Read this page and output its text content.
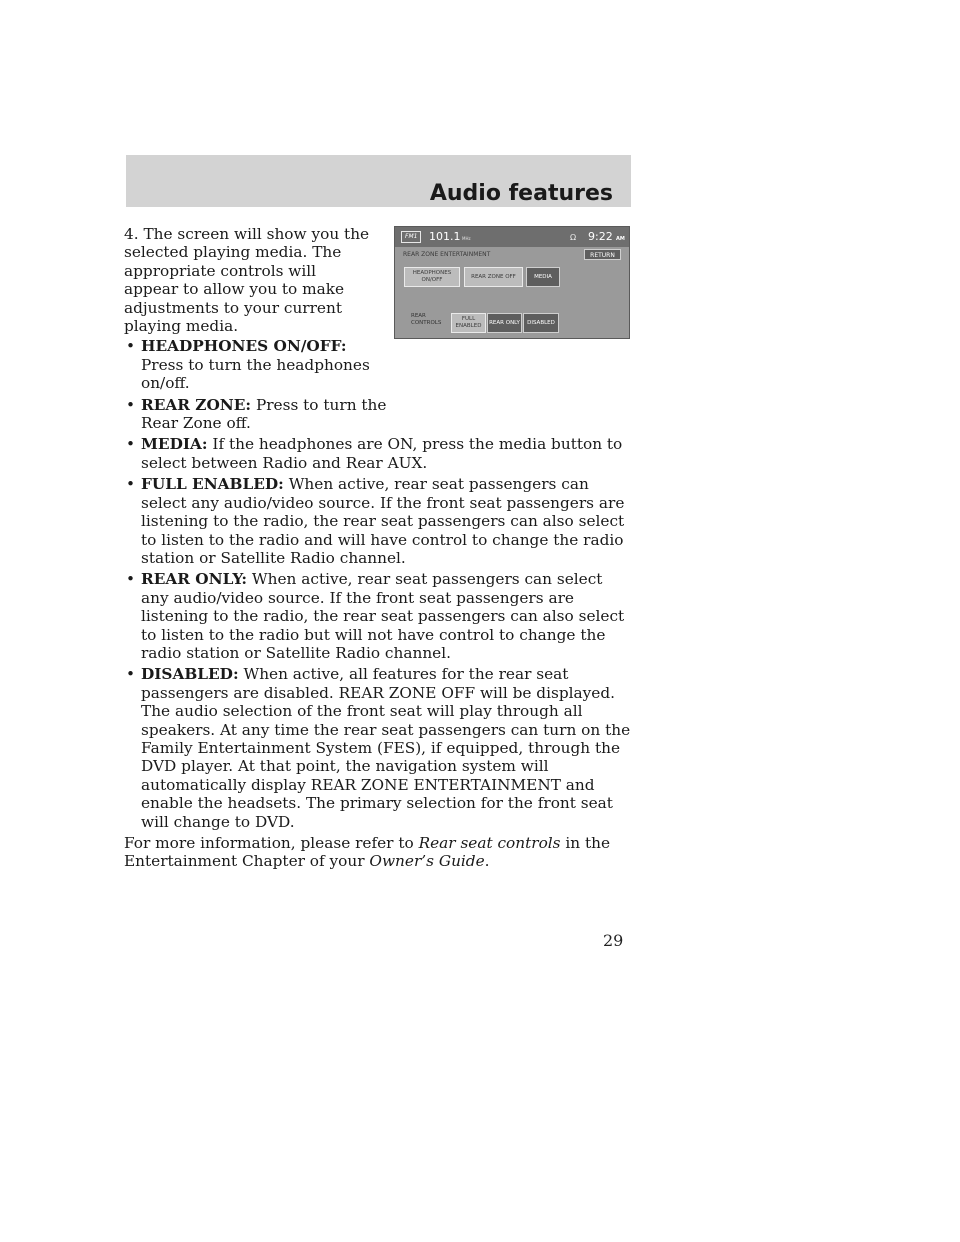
Audio features
FM1	101.1 MHz	Ω 9:22 AM
REAR ZONE ENTERTAINMENT	RETURN
HEADPHONES ON/OFF
REAR ZONE OFF	MEDIA
REAR CONTROLS
FULL ENABLED
REAR ONLY DISABLED

4. The screen will show you the selected playing media. The appropriate controls will appear to allow you to make adjustments to your current playing media.

• HEADPHONES ON/OFF: Press to turn the headphones on/off.
• REAR ZONE: Press to turn the Rear Zone off.
• MEDIA: If the headphones are ON, press the media button to select between Radio and Rear AUX.
• FULL ENABLED: When active, rear seat passengers can select any audio/video source. If the front seat passengers are listening to the radio, the rear seat passengers can also select to listen to the radio and will have control to change the radio station or Satellite Radio channel.
• REAR ONLY: When active, rear seat passengers can select any audio/video source. If the front seat passengers are listening to the radio, the rear seat passengers can also select to listen to the radio but will not have control to change the radio station or Satellite Radio channel.
• DISABLED: When active, all features for the rear seat passengers are disabled. REAR ZONE OFF will be displayed. The audio selection of the front seat will play through all speakers. At any time the rear seat passengers can turn on the Family Entertainment System (FES), if equipped, through the DVD player. At that point, the navigation system will automatically display REAR ZONE ENTERTAINMENT and enable the headsets. The primary selection for the front seat will change to DVD.

For more information, please refer to Rear seat controls in the Entertainment Chapter of your Owner’s Guide.

29
